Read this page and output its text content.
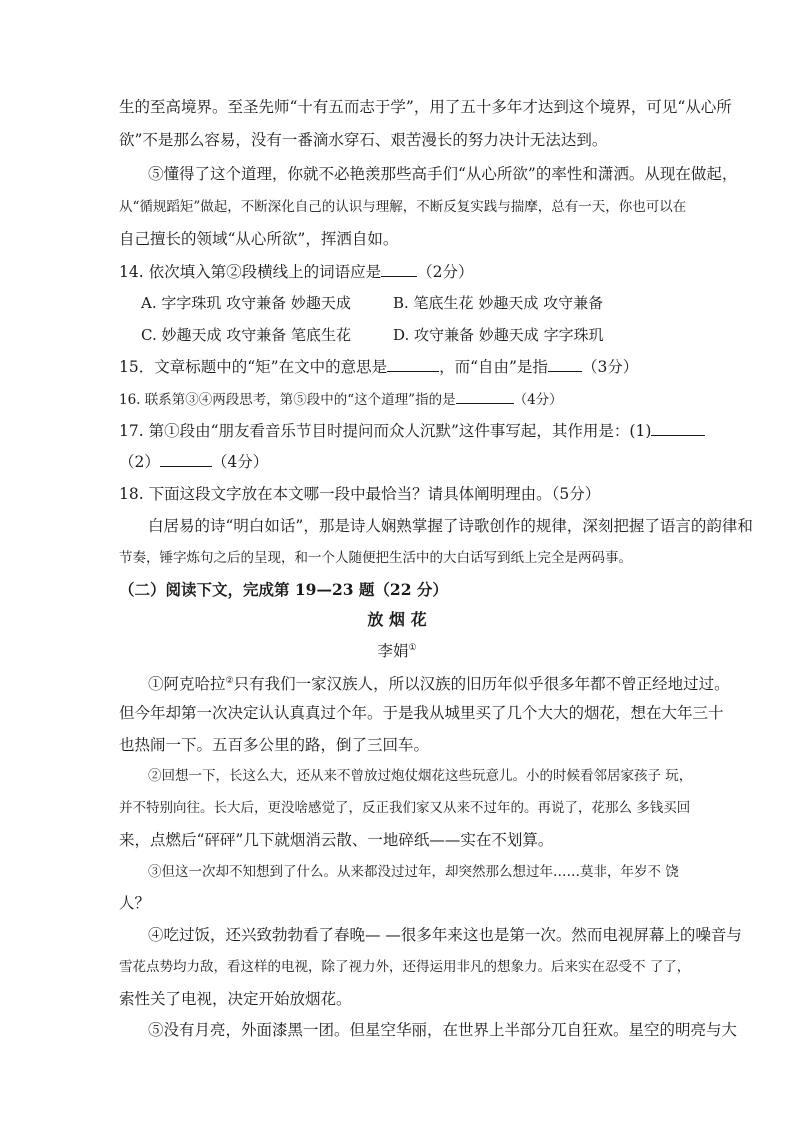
生的至高境界。至圣先师“十有五而志于学”，用了五十多年才达到这个境界，可见“从心所
欲”不是那么容易，没有一番滴水穿石、艰苦漫长的努力决计无法达到。
⑤懂得了这个道理，你就不必艳羡那些高手们“从心所欲”的率性和潇洒。从现在做起，
从“循规蹈矩”做起，不断深化自己的认识与理解，不断反复实践与揣摩，总有一天，你也可以在
自己擅长的领域“从心所欲”，挥洒自如。
14. 依次填入第②段横线上的词语应是 （2分）
A. 字字珠玑 攻守兼备 妙趣天成	B. 笔底生花 妙趣天成 攻守兼备
C. 妙趣天成 攻守兼备 笔底生花	D. 攻守兼备 妙趣天成 字字珠玑
15．文章标题中的“矩”在文中的意思是	，而“自由”是指 （3分）
16. 联系第③④两段思考，第⑤段中的“这个道理”指的是	（4分）
17. 第①段由“朋友看音乐节目时提问而众人沉默”这件事写起，其作用是：(1)
（2）	（4分）
18. 下面这段文字放在本文哪一段中最恰当？请具体阐明理由。（5分）
白居易的诗“明白如话”，那是诗人娴熟掌握了诗歌创作的规律，深刻把握了语言的韵律和
节奏，锤字炼句之后的呈现，和一个人随便把生活中的大白话写到纸上完全是两码事。
（二）阅读下文，完成第 19—23 题（22 分）
放 烟 花
李娟①
①阿克哈拉②只有我们一家汉族人，所以汉族的旧历年似乎很多年都不曾正经地过过。
但今年却第一次决定认认真真过个年。于是我从城里买了几个大大的烟花，想在大年三十
也热闹一下。五百多公里的路，倒了三回车。
②回想一下，长这么大，还从来不曾放过炮仗烟花这些玩意儿。小的时候看邻居家孩子 玩，
并不特别向往。长大后，更没啥感觉了，反正我们家又从来不过年的。再说了，花那么 多钱买回
来，点燃后“砰砰”几下就烟消云散、一地碎纸——实在不划算。
③但这一次却不知想到了什么。从来都没过过年，却突然那么想过年……莫非，年岁不 饶
人？
④吃过饭，还兴致勃勃看了春晚— —很多年来这也是第一次。然而电视屏幕上的噪音与
雪花点势均力敌，看这样的电视，除了视力外，还得运用非凡的想象力。后来实在忍受不 了了，
索性关了电视，决定开始放烟花。
⑤没有月亮，外面漆黑一团。但星空华丽，在世界上半部分兀自狂欢。星空的明亮与大
